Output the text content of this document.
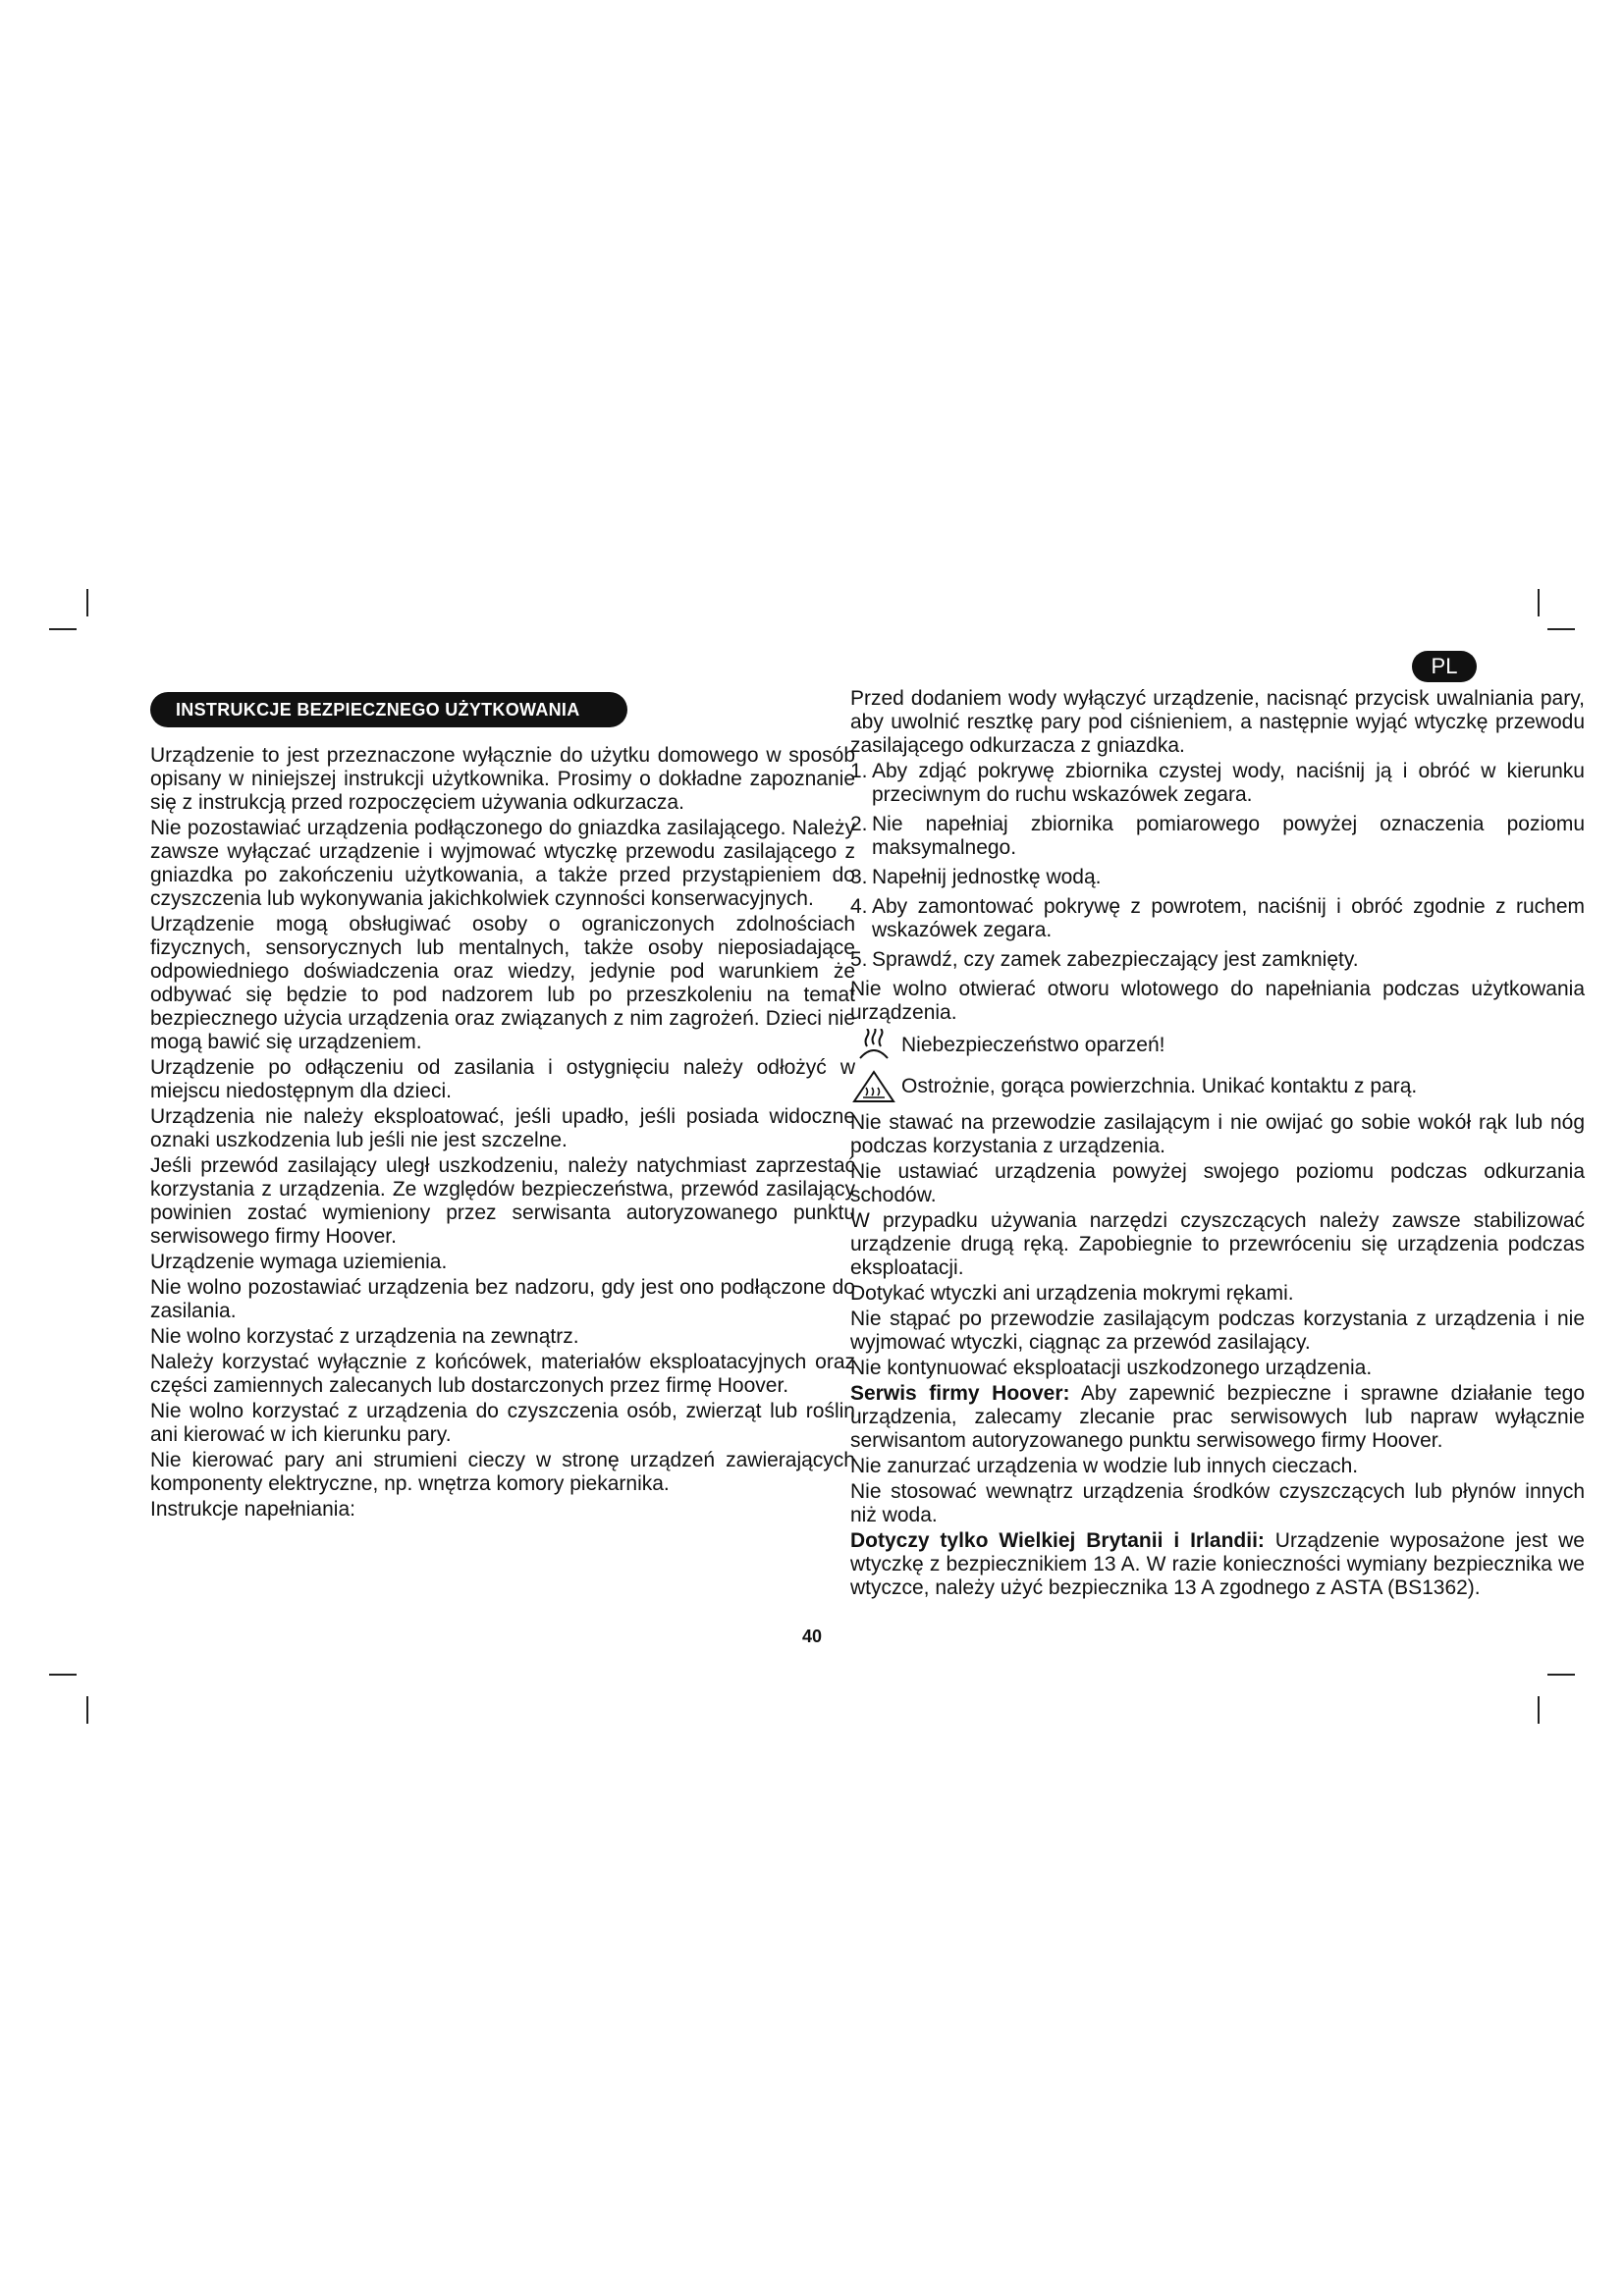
PL
INSTRUKCJE BEZPIECZNEGO UŻYTKOWANIA

Urządzenie to jest przeznaczone wyłącznie do użytku domowego w sposób opisany w niniejszej instrukcji użytkownika. Prosimy o dokładne zapoznanie się z instrukcją przed rozpoczęciem używania odkurzacza.

Nie pozostawiać urządzenia podłączonego do gniazdka zasilającego. Należy zawsze wyłączać urządzenie i wyjmować wtyczkę przewodu zasilającego z gniazdka po zakończeniu użytkowania, a także przed przystąpieniem do czyszczenia lub wykonywania jakichkolwiek czynności konserwacyjnych.

Urządzenie mogą obsługiwać osoby o ograniczonych zdolnościach fizycznych, sensorycznych lub mentalnych, także osoby nieposiadające odpowiedniego doświadczenia oraz wiedzy, jedynie pod warunkiem że odbywać się będzie to pod nadzorem lub po przeszkoleniu na temat bezpiecznego użycia urządzenia oraz związanych z nim zagrożeń. Dzieci nie mogą bawić się urządzeniem.

Urządzenie po odłączeniu od zasilania i ostygnięciu należy odłożyć w miejscu niedostępnym dla dzieci.

Urządzenia nie należy eksploatować, jeśli upadło, jeśli posiada widoczne oznaki uszkodzenia lub jeśli nie jest szczelne.

Jeśli przewód zasilający uległ uszkodzeniu, należy natychmiast zaprzestać korzystania z urządzenia. Ze względów bezpieczeństwa, przewód zasilający powinien zostać wymieniony przez serwisanta autoryzowanego punktu serwisowego firmy Hoover.

Urządzenie wymaga uziemienia.

Nie wolno pozostawiać urządzenia bez nadzoru, gdy jest ono podłączone do zasilania.

Nie wolno korzystać z urządzenia na zewnątrz.

Należy korzystać wyłącznie z końcówek, materiałów eksploatacyjnych oraz części zamiennych zalecanych lub dostarczonych przez firmę Hoover.

Nie wolno korzystać z urządzenia do czyszczenia osób, zwierząt lub roślin ani kierować w ich kierunku pary.

Nie kierować pary ani strumieni cieczy w stronę urządzeń zawierających komponenty elektryczne, np. wnętrza komory piekarnika.

Instrukcje napełniania:

Przed dodaniem wody wyłączyć urządzenie, nacisnąć przycisk uwalniania pary, aby uwolnić resztkę pary pod ciśnieniem, a następnie wyjąć wtyczkę przewodu zasilającego odkurzacza z gniazdka.

1. Aby zdjąć pokrywę zbiornika czystej wody, naciśnij ją i obróć w kierunku przeciwnym do ruchu wskazówek zegara.
2. Nie napełniaj zbiornika pomiarowego powyżej oznaczenia poziomu maksymalnego.
3. Napełnij jednostkę wodą.
4. Aby zamontować pokrywę z powrotem, naciśnij i obróć zgodnie z ruchem wskazówek zegara.
5. Sprawdź, czy zamek zabezpieczający jest zamknięty.

Nie wolno otwierać otworu wlotowego do napełniania podczas użytkowania urządzenia.

Niebezpieczeństwo oparzeń!
Ostrożnie, gorąca powierzchnia. Unikać kontaktu z parą.

Nie stawać na przewodzie zasilającym i nie owijać go sobie wokół rąk lub nóg podczas korzystania z urządzenia.

Nie ustawiać urządzenia powyżej swojego poziomu podczas odkurzania schodów.

W przypadku używania narzędzi czyszczących należy zawsze stabilizować urządzenie drugą ręką. Zapobiegnie to przewróceniu się urządzenia podczas eksploatacji.

Dotykać wtyczki ani urządzenia mokrymi rękami.

Nie stąpać po przewodzie zasilającym podczas korzystania z urządzenia i nie wyjmować wtyczki, ciągnąc za przewód zasilający.

Nie kontynuować eksploatacji uszkodzonego urządzenia.

Serwis firmy Hoover: Aby zapewnić bezpieczne i sprawne działanie tego urządzenia, zalecamy zlecanie prac serwisowych lub napraw wyłącznie serwisantom autoryzowanego punktu serwisowego firmy Hoover.

Nie zanurzać urządzenia w wodzie lub innych cieczach.

Nie stosować wewnątrz urządzenia środków czyszczących lub płynów innych niż woda.

Dotyczy tylko Wielkiej Brytanii i Irlandii: Urządzenie wyposażone jest we wtyczkę z bezpiecznikiem 13 A. W razie konieczności wymiany bezpiecznika we wtyczce, należy użyć bezpiecznika 13 A zgodnego z ASTA (BS1362).

40
